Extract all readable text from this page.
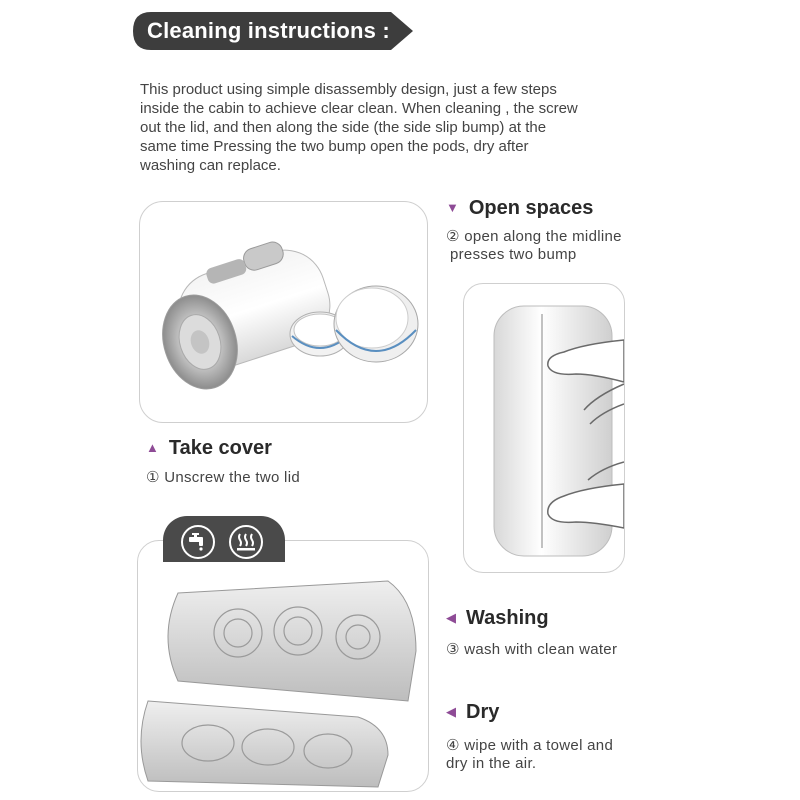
Cleaning instructions :

This product using simple disassembly design, just a few steps

inside the cabin to achieve clear clean. When cleaning , the screw

out the lid, and then along the side (the side slip bump) at the

same time Pressing the two bump open the pods, dry after

washing can replace.

▼ Open spaces

② open along the midline

presses two bump

▲ Take cover

① Unscrew the two lid

◀ Washing

③ wash with clean water

◀ Dry

④ wipe with a towel and

dry in the air.
